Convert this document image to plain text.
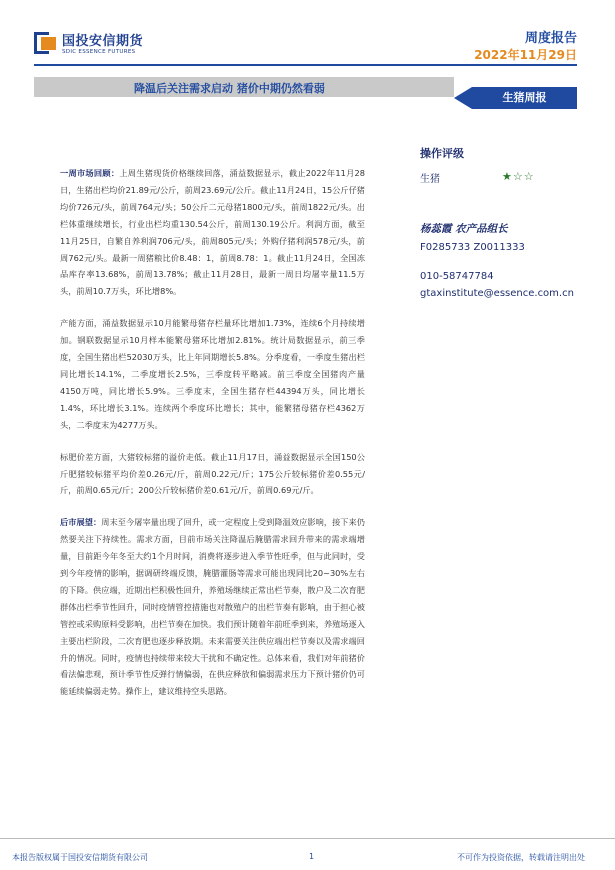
国投安信期货
SDIC ESSENCE FUTURES
周度报告
2022年11月29日
降温后关注需求启动 猪价中期仍然看弱
生猪周报

一周市场回顾：上周生猪现货价格继续回落，涌益数据显示，截止2022年11月28日，生猪出栏均价21.89元/公斤，前周23.69元/公斤。截止11月24日，15公斤仔猪均价726元/头，前周764元/头；50公斤二元母猪1800元/头，前周1822元/头。出栏体重继续增长，行业出栏均重130.54公斤，前周130.19公斤。利润方面，截至11月25日，自繁自养利润706元/头，前周805元/头；外购仔猪利润578元/头，前周762元/头。最新一周猪粮比价8.48：1，前周8.78：1。截止11月24日，全国冻品库存率13.68%，前周13.78%；截止11月28日，最新一周日均屠宰量11.5万头，前周10.7万头，环比增8%。

产能方面，涌益数据显示10月能繁母猪存栏量环比增加1.73%，连续6个月持续增加。钢联数据显示10月样本能繁母猪环比增加2.81%。统计局数据显示，前三季度，全国生猪出栏52030万头，比上年同期增长5.8%。分季度看，一季度生猪出栏同比增长14.1%，二季度增长2.5%，三季度转平略减。前三季度全国猪肉产量4150万吨，同比增长5.9%。三季度末，全国生猪存栏44394万头，同比增长1.4%，环比增长3.1%。连续两个季度环比增长；其中，能繁猪母猪存栏4362万头，二季度末为4277万头。

标肥价差方面，大猪较标猪的溢价走低。截止11月17日，涌益数据显示全国150公斤肥猪较标猪平均价差0.26元/斤，前周0.22元/斤；175公斤较标猪价差0.55元/斤，前周0.65元/斤；200公斤较标猪价差0.61元/斤，前周0.69元/斤。

后市展望：周末至今屠宰量出现了回升，或一定程度上受到降温效应影响，接下来仍然要关注下持续性。需求方面，目前市场关注降温后腌腊需求回升带来的需求端增量，目前距今年冬至大约1个月时间，消费将逐步进入季节性旺季，但与此同时，受到今年疫情的影响，据调研终端反馈，腌腊灌肠等需求可能出现同比20~30%左右的下降。供应端，近期出栏积极性回升，养殖场继续正常出栏节奏，散户及二次育肥群体出栏季节性回升，同时疫情管控措施也对散殖户的出栏节奏有影响，由于担心被管控或采购原料受影响，出栏节奏在加快。我们预计随着年前旺季到来，养殖场逐入主要出栏阶段，二次育肥也逐步释放期。未来需要关注供应端出栏节奏以及需求端回升的情况。同时，疫情也持续带来较大干扰和不确定性。总体来看，我们对年前猪价看法偏悲观，预计季节性反弹行情偏弱，在供应释放和偏弱需求压力下预计猪价仍可能延续偏弱走势。操作上，建议维持空头思路。

操作评级
生猪	★☆☆
杨蕊霞 农产品组长
F0285733 Z0011333
010-58747784
gtaxinstitute@essence.com.cn
本报告版权属于国投安信期货有限公司	1	不可作为投资依据，转载请注明出处
